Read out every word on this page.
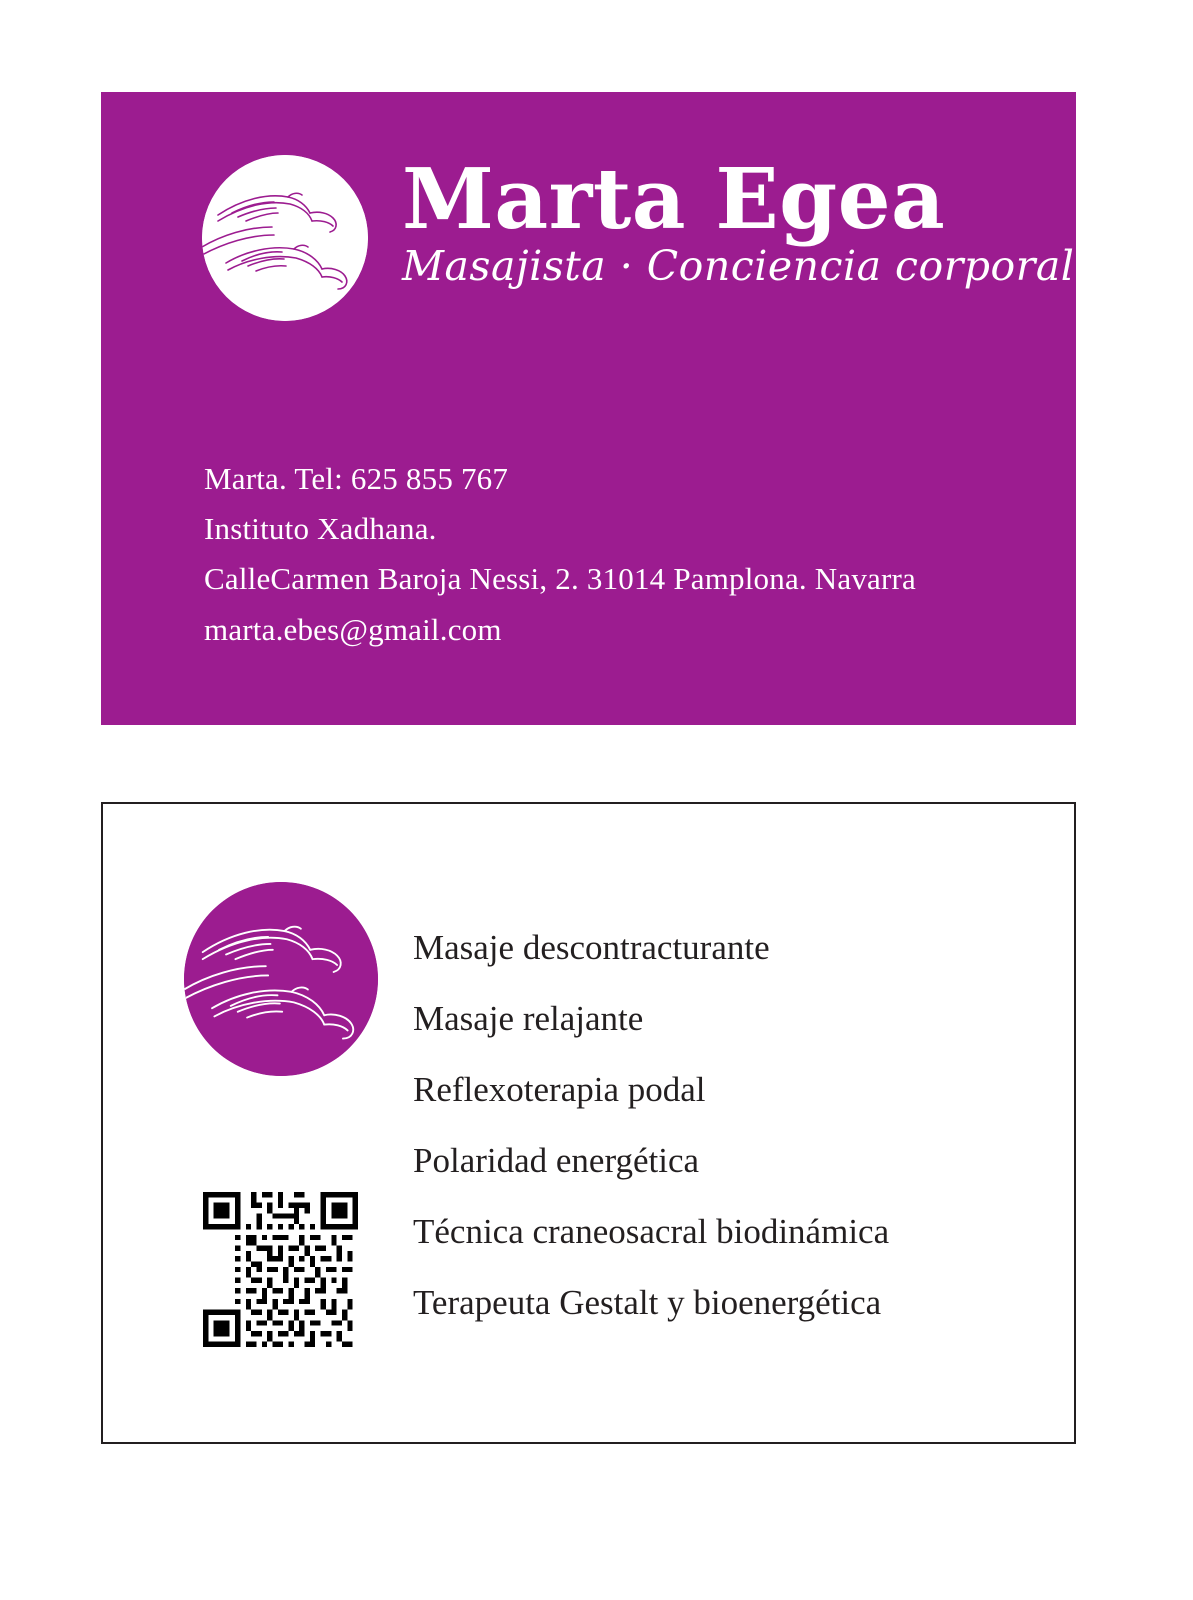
Marta Egea
Masajista · Conciencia corporal
Marta. Tel: 625 855 767
Instituto Xadhana.
CalleCarmen Baroja Nessi, 2. 31014 Pamplona. Navarra
marta.ebes@gmail.com
Masaje descontracturante
Masaje relajante
Reflexoterapia podal
Polaridad energética
Técnica craneosacral biodinámica
Terapeuta Gestalt y bioenergética
